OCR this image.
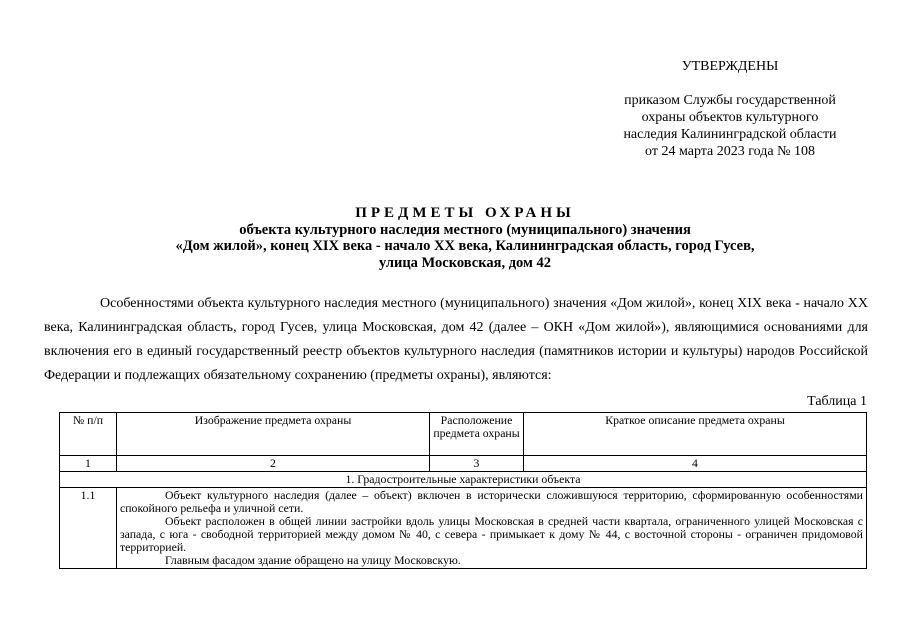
УТВЕРЖДЕНЫ
приказом Службы государственной
охраны объектов культурного
наследия Калининградской области
от 24 марта 2023 года № 108
ПРЕДМЕТЫ ОХРАНЫ
объекта культурного наследия местного (муниципального) значения
«Дом жилой», конец XIX века - начало XX века, Калининградская область, город Гусев,
улица Московская, дом 42
Особенностями объекта культурного наследия местного (муниципального) значения «Дом жилой», конец XIX века - начало XX века, Калининградская область, город Гусев, улица Московская, дом 42 (далее – ОКН «Дом жилой»), являющимися основаниями для включения его в единый государственный реестр объектов культурного наследия (памятников истории и культуры) народов Российской Федерации и подлежащих обязательному сохранению (предметы охраны), являются:
Таблица 1
№ п/п	Изображение предмета охраны	Расположение предмета охраны	Краткое описание предмета охраны
1	2	3	4
1. Градостроительные характеристики объекта			
1.1	Объект культурного наследия (далее – объект) включен в исторически сложившуюся территорию, сформированную особенностями спокойного рельефа и уличной сети.

Объект расположен в общей линии застройки вдоль улицы Московская в средней части квартала, ограниченного улицей Московская с запада, с юга - свободной территорией между домом № 40, с севера - примыкает к дому № 44, с восточной стороны - ограничен придомовой территорией.

Главным фасадом здание обращено на улицу Московскую.		
